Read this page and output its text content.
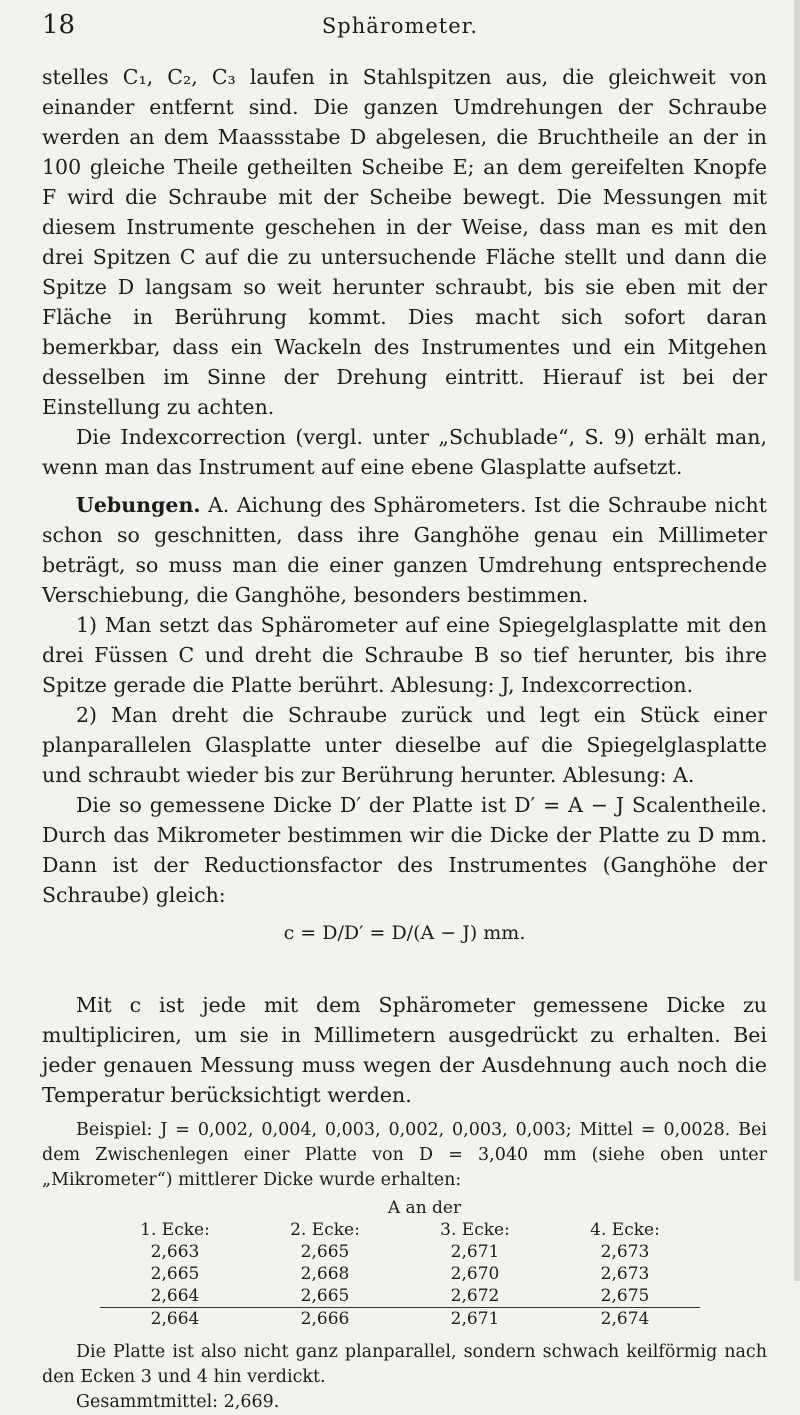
18	Sphärometer.

stelles C₁, C₂, C₃ laufen in Stahlspitzen aus, die gleichweit von einander entfernt sind. Die ganzen Umdrehungen der Schraube werden an dem Maassstabe D abgelesen, die Bruchtheile an der in 100 gleiche Theile getheilten Scheibe E; an dem gereifelten Knopfe F wird die Schraube mit der Scheibe bewegt. Die Messungen mit diesem Instrumente geschehen in der Weise, dass man es mit den drei Spitzen C auf die zu untersuchende Fläche stellt und dann die Spitze D langsam so weit herunter schraubt, bis sie eben mit der Fläche in Berührung kommt. Dies macht sich sofort daran bemerkbar, dass ein Wackeln des Instrumentes und ein Mitgehen desselben im Sinne der Drehung eintritt. Hierauf ist bei der Einstellung zu achten.

Die Indexcorrection (vergl. unter „Schublade“, S. 9) erhält man, wenn man das Instrument auf eine ebene Glasplatte aufsetzt.

Uebungen. A. Aichung des Sphärometers. Ist die Schraube nicht schon so geschnitten, dass ihre Ganghöhe genau ein Millimeter beträgt, so muss man die einer ganzen Umdrehung entsprechende Verschiebung, die Ganghöhe, besonders bestimmen.

1) Man setzt das Sphärometer auf eine Spiegelglasplatte mit den drei Füssen C und dreht die Schraube B so tief herunter, bis ihre Spitze gerade die Platte berührt. Ablesung: J, Indexcorrection.

2) Man dreht die Schraube zurück und legt ein Stück einer planparallelen Glasplatte unter dieselbe auf die Spiegelglasplatte und schraubt wieder bis zur Berührung herunter. Ablesung: A.

Die so gemessene Dicke D′ der Platte ist D′ = A − J Scalentheile. Durch das Mikrometer bestimmen wir die Dicke der Platte zu D mm. Dann ist der Reductionsfactor des Instrumentes (Ganghöhe der Schraube) gleich:

c = D/D′ = D/(A − J) mm.

Mit c ist jede mit dem Sphärometer gemessene Dicke zu multipliciren, um sie in Millimetern ausgedrückt zu erhalten. Bei jeder genauen Messung muss wegen der Ausdehnung auch noch die Temperatur berücksichtigt werden.

Beispiel: J = 0,002, 0,004, 0,003, 0,002, 0,003, 0,003; Mittel = 0,0028. Bei dem Zwischenlegen einer Platte von D = 3,040 mm (siehe oben unter „Mikrometer“) mittlerer Dicke wurde erhalten:

A an der
1. Ecke:	2. Ecke:	3. Ecke:	4. Ecke:
2,663	2,665	2,671	2,673
2,665	2,668	2,670	2,673
2,664	2,665	2,672	2,675
2,664	2,666	2,671	2,674

Die Platte ist also nicht ganz planparallel, sondern schwach keilförmig nach den Ecken 3 und 4 hin verdickt.

Gesammtmittel: 2,669.
